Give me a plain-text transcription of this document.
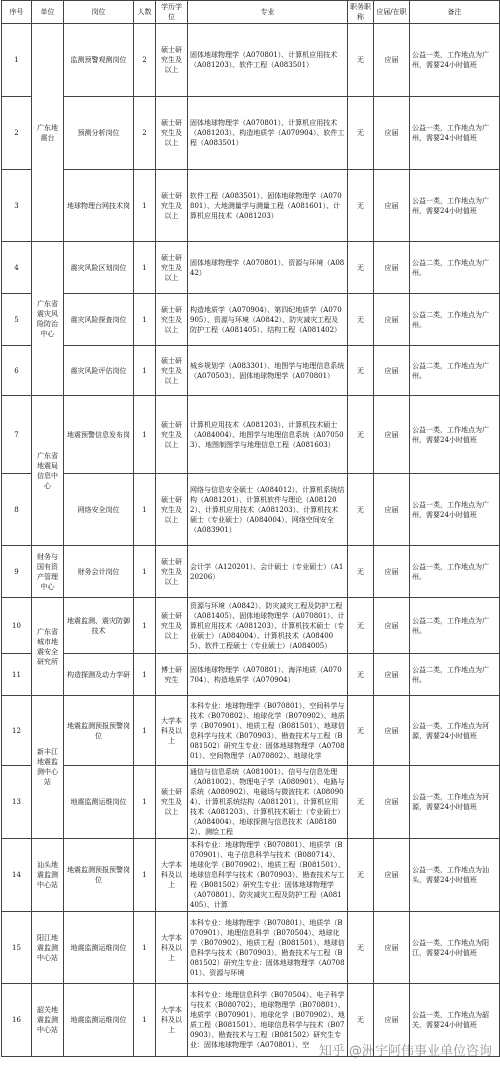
序号	单位	岗位	人数	学历学位	专业	职务职称	应届/在职	备注
1	广东地震台	监测预警观测岗位	2	硕士研究生及以上	固体地球物理学（A070801）、计算机应用技术（A081203）、软件工程（A083501）	无	应届	公益一类，工作地点为广州，需要24小时值班
2		预测分析岗位	2	硕士研究生及以上	固体地球物理学（A070801）、计算机应用技术（A081203）、构造地质学（A070904）、软件工程（A083501）	无	应届	公益一类，工作地点为广州，需要24小时值班
3		地球物理台网技术岗	1	硕士研究生及以上	软件工程（A083501）、固体地球物理学（A070801）、大地测量学与测量工程（A081601）、计算机应用技术（A081203）	无	应届	公益一类，工作地点为广州，需要24小时值班
4	广东省震灾风险防治中心	震灾风险区划岗位	1	硕士研究生及以上	固体地球物理学（A070801）、资源与环境（A0842）	无	应届	公益二类，工作地点为广州。
5		震灾风险探查岗位	1	硕士研究生及以上	构造地质学（A070904）、第四纪地质学（A070905）、资源与环境（A0842）、防灾减灾工程及防护工程（A081405）、结构工程（A081402）	无	应届	公益二类，工作地点为广州。
6		震灾风险评估岗位	1	硕士研究生及以上	城乡规划学（A083301）、地图学与地理信息系统（A070503）、固体地球物理学（A070801）	无	应届	公益二类，工作地点为广州。
7	广东省地震局信息中心	地震预警信息发布岗	1	硕士研究生及以上	计算机应用技术（A081203）、计算机技术硕士（A084004）、地图学与地理信息系统（A070503）、地图制图学与地理信息工程（A081603）	无	应届	公益一类，工作地点为广州，需要24小时值班
8		网络安全岗位	1	硕士研究生及以上	网络与信息安全硕士（A084012）、计算机系统结构（A081201）、计算机软件与理论（A081202）、计算机应用技术（A081203）、计算机技术硕士（专业硕士）（A084004）、网络空间安全（A083901）	无	应届	公益一类，工作地点为广州，需要24小时值班
9	财务与国有资产管理中心	财务会计岗位	1	硕士研究生及以上	会计学（A120201）、会计硕士（专业硕士）（A120206）	无	应届	公益一类，工作地点为广州。
10	广东省城市地震安全研究所	地震监测、震灾防御技术	1	硕士研究生及以上	资源与环境（A0842）、防灾减灾工程及防护工程（A081405）、固体地球物理学（A070801）、计算机应用技术（A081203）、计算机技术硕士（专业硕士）（A084004）、计算机技术（A084005）、软件工程硕士（专业硕士）（A084005）	无	应届	公益二类，工作地点为广州。
11		构造探测及动力学研	1	博士研究生	固体地球物理学（A070801）、海洋地质（A070704）、构造地质学（A070904）	无	应届	公益二类，工作地点为广州。
12	新丰江地震监测中心站	地震监测预报预警岗位	1	大学本科及以上	本科专业：地球物理学（B070801）、空间科学与技术（B070802）、地球化学（B070902）、地质学（B070901）、地质工程（B081501）、地球信息科学与技术（B070903）、勘查技术与工程（B081502）研究生专业：固体地球物理学（A070801）、空间物理学（A070802）、地球化学	无	应届	公益一类，工作地点为河源，需要24小时值班
13		地震监测运维岗位	1	硕士研究生及以上	通信与信息系统（A081001）、信号与信息处理（A081002）、物理电子学（A080901）、电路与系统（A080902）、电磁场与微波技术（A080904）、计算机系统结构（A081201）、计算机应用技术（A081203）、计算机技术硕士（专业硕士）（A084004）、地球探测与信息技术（A081802）、测绘工程	无	应届	公益一类，工作地点为河源，需要24小时值班
14	汕头地震监测中心站	地震监测预报预警岗位	1	大学本科及以上	本科专业：地球物理学（B070801）、地质学（B070901）、电子信息科学与技术（B080714）、地球化学（B070902）、地质工程（B081501）、地球信息科学与技术（B070903）、勘查技术与工程（B081502）研究生专业：固体地球物理学（A070801）、防灾减灾工程及防护工程（A081405）、计算	无	应届	公益一类，工作地点为汕头，需要24小时值班
15	阳江地震监测中心站	地震监测运维岗位	1	大学本科及以上	本科专业：地球物理学（B070801）、地质学（B070901）、地理信息科学（B070504）、地球化学（B070902）、地质工程（B081501）、地球信息科学与技术（B070903）、勘查技术与工程（B081502）研究生专业：固体地球物理学（A070801）、资源与环境	无	应届	公益一类，工作地点为阳江，需要24小时值班
16	韶关地震监测中心站	地震监测运维岗位	1	大学本科及以上	本科专业：地理信息科学（B070504）、电子科学与技术（B080702）、地球物理学（B070801）、地质学（B070901）、地球化学（B070902）、地质工程（B081501）、地球信息科学与技术（B070903）、勘查技术与工程（B081502）研究生专业：固体地球物理学（A070801）、空	无	应届	公益一类，工作地点为韶关，需要24小时值班
知乎 @洲宇阿伟事业单位咨询
